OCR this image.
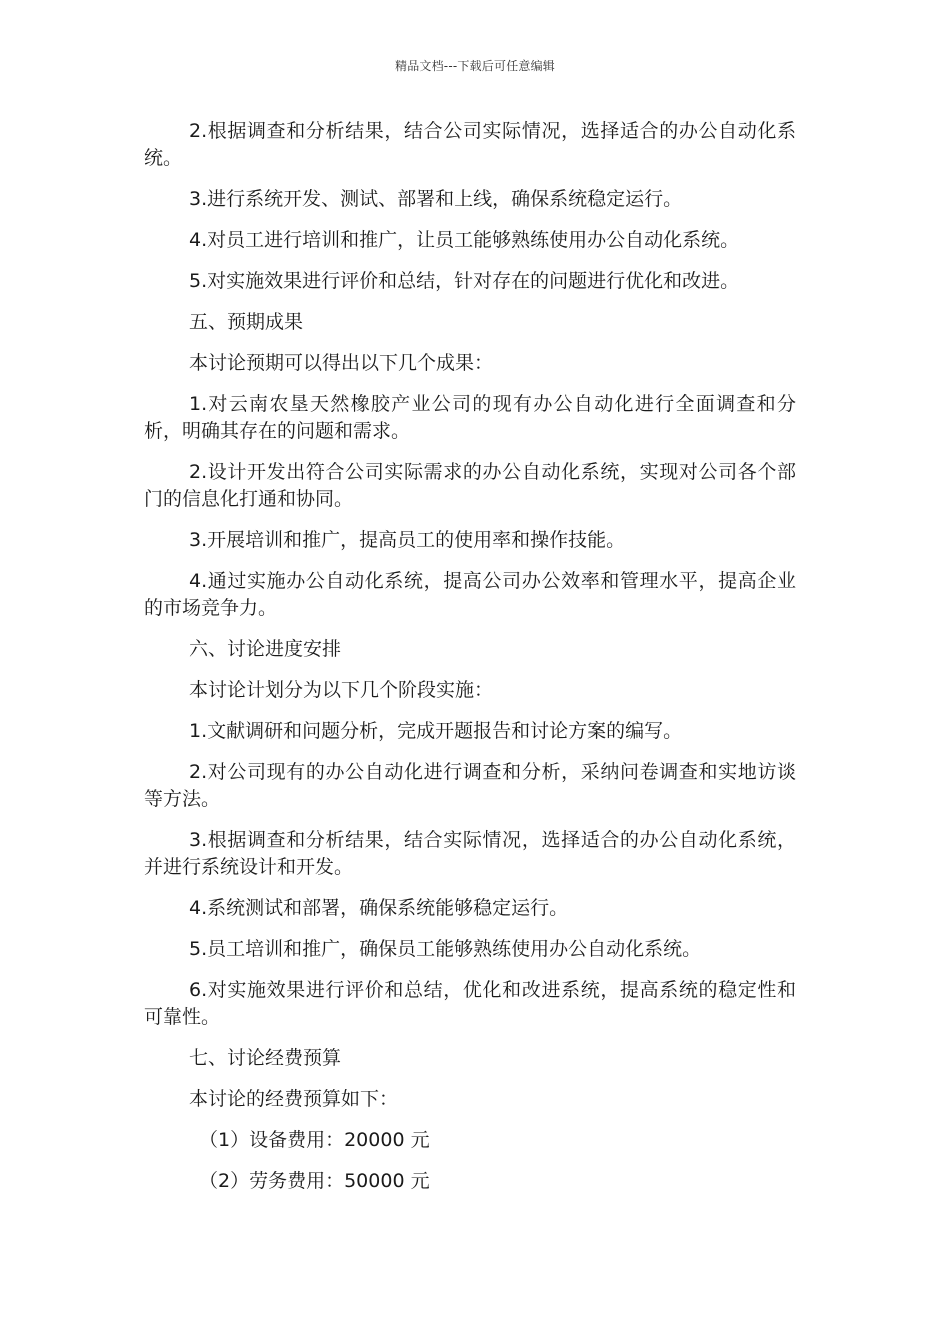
精品文档---下载后可任意编辑

2.根据调查和分析结果，结合公司实际情况，选择适合的办公自动化系统。

3.进行系统开发、测试、部署和上线，确保系统稳定运行。

4.对员工进行培训和推广，让员工能够熟练使用办公自动化系统。

5.对实施效果进行评价和总结，针对存在的问题进行优化和改进。

五、预期成果

本讨论预期可以得出以下几个成果：

1.对云南农垦天然橡胶产业公司的现有办公自动化进行全面调查和分析，明确其存在的问题和需求。

2.设计开发出符合公司实际需求的办公自动化系统，实现对公司各个部门的信息化打通和协同。

3.开展培训和推广，提高员工的使用率和操作技能。

4.通过实施办公自动化系统，提高公司办公效率和管理水平，提高企业的市场竞争力。

六、讨论进度安排

本讨论计划分为以下几个阶段实施：

1.文献调研和问题分析，完成开题报告和讨论方案的编写。

2.对公司现有的办公自动化进行调查和分析，采纳问卷调查和实地访谈等方法。

3.根据调查和分析结果，结合实际情况，选择适合的办公自动化系统，并进行系统设计和开发。

4.系统测试和部署，确保系统能够稳定运行。

5.员工培训和推广，确保员工能够熟练使用办公自动化系统。

6.对实施效果进行评价和总结，优化和改进系统，提高系统的稳定性和可靠性。

七、讨论经费预算

本讨论的经费预算如下：

（1）设备费用：20000 元

（2）劳务费用：50000 元
